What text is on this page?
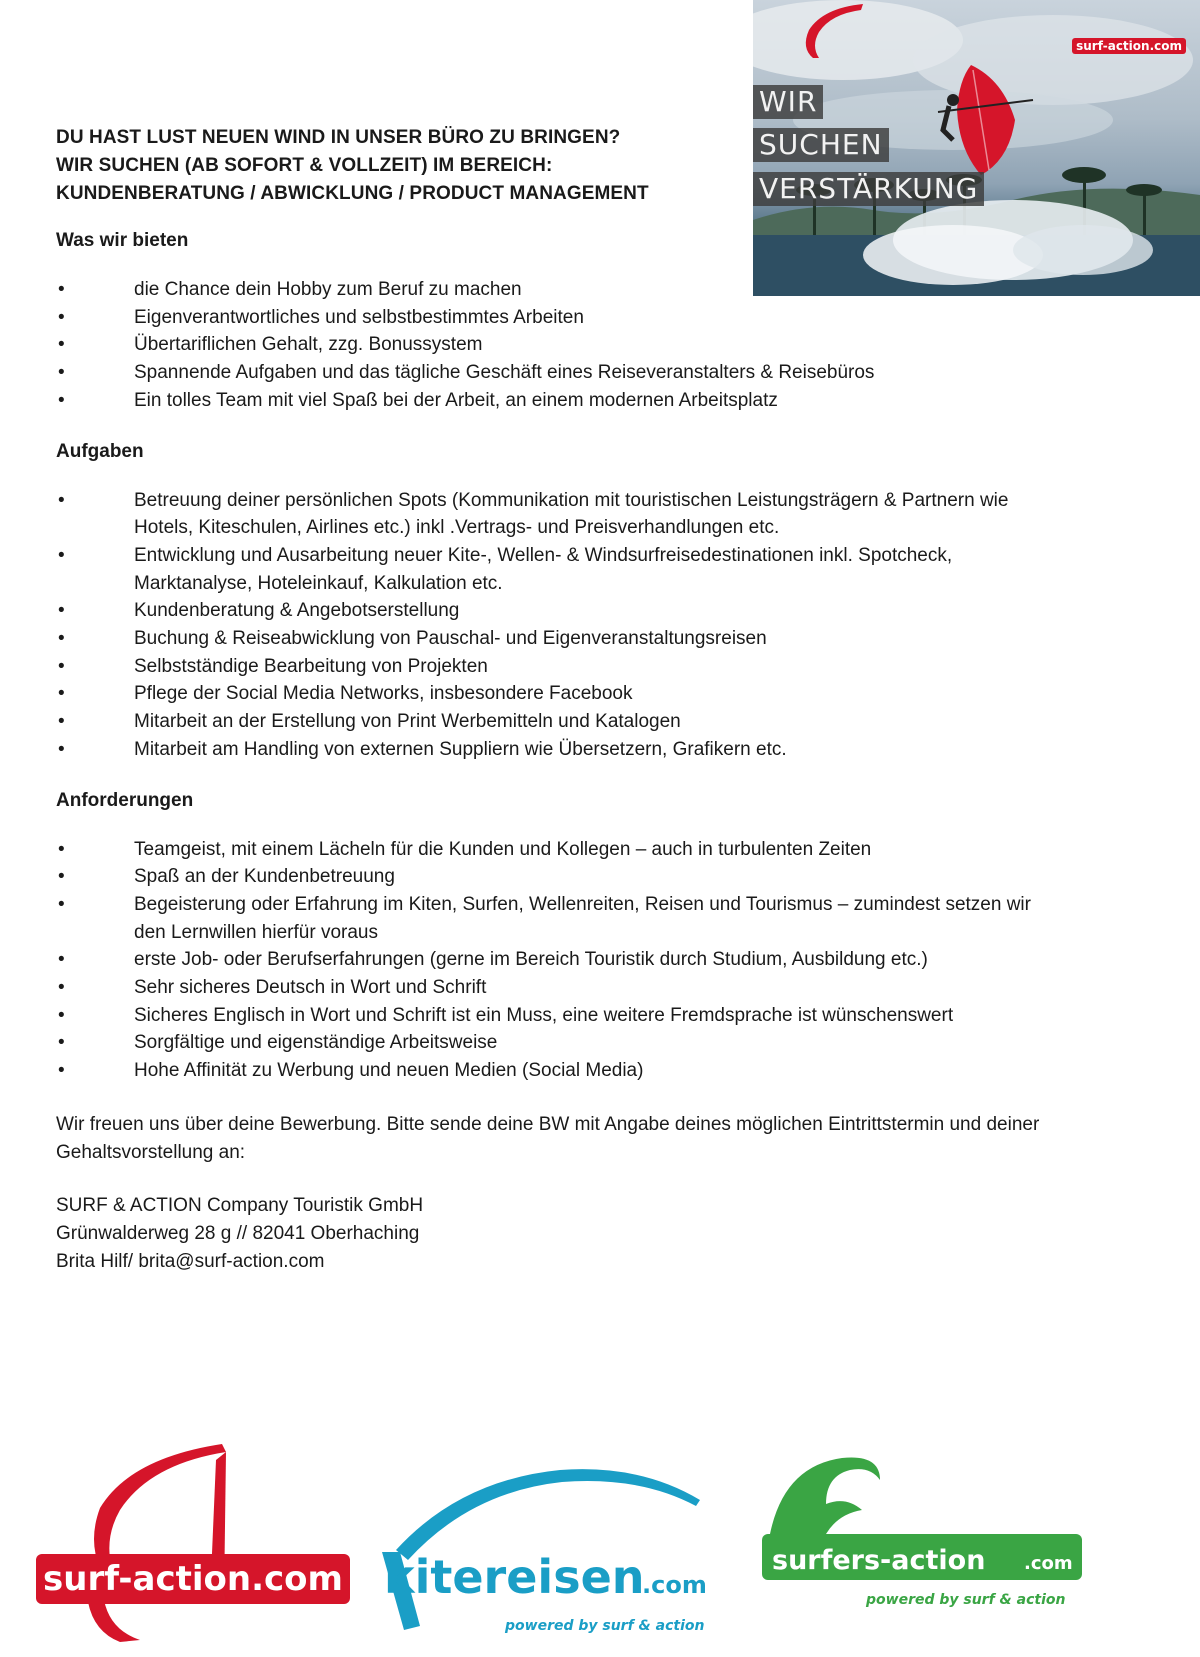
WIR
SUCHEN
VERSTÄRKUNG
surf-action.com
DU HAST LUST NEUEN WIND IN UNSER BÜRO ZU BRINGEN?
WIR SUCHEN (AB SOFORT & VOLLZEIT) IM BEREICH:
KUNDENBERATUNG / ABWICKLUNG / PRODUCT MANAGEMENT
Was wir bieten
•	die Chance dein Hobby zum Beruf zu machen
•	Eigenverantwortliches und selbstbestimmtes Arbeiten
•	Übertariflichen Gehalt, zzg. Bonussystem
•	Spannende Aufgaben und das tägliche Geschäft eines Reiseveranstalters & Reisebüros
•	Ein tolles Team mit viel Spaß bei der Arbeit, an einem modernen Arbeitsplatz
Aufgaben
•	Betreuung deiner persönlichen Spots (Kommunikation mit touristischen Leistungsträgern & Partnern wie Hotels, Kiteschulen, Airlines etc.) inkl .Vertrags- und Preisverhandlungen etc.
•	Entwicklung und Ausarbeitung neuer Kite-, Wellen- & Windsurfreisedestinationen inkl. Spotcheck, Marktanalyse, Hoteleinkauf, Kalkulation etc.
•	Kundenberatung & Angebotserstellung
•	Buchung & Reiseabwicklung von Pauschal- und Eigenveranstaltungsreisen
•	Selbstständige Bearbeitung von Projekten
•	Pflege der Social Media Networks, insbesondere Facebook
•	Mitarbeit an der Erstellung von Print Werbemitteln und Katalogen
•	Mitarbeit am Handling von externen Suppliern wie Übersetzern, Grafikern etc.
Anforderungen
•	Teamgeist, mit einem Lächeln für die Kunden und Kollegen – auch in turbulenten Zeiten
•	Spaß an der Kundenbetreuung
•	Begeisterung oder Erfahrung im Kiten, Surfen, Wellenreiten, Reisen und Tourismus – zumindest setzen wir den Lernwillen hierfür voraus
•	erste Job- oder Berufserfahrungen (gerne im Bereich Touristik durch Studium, Ausbildung etc.)
•	Sehr sicheres Deutsch in Wort und Schrift
•	Sicheres Englisch in Wort und Schrift ist ein Muss, eine weitere Fremdsprache ist wünschenswert
•	Sorgfältige und eigenständige Arbeitsweise
•	Hohe Affinität zu Werbung und neuen Medien (Social Media)

Wir freuen uns über deine Bewerbung. Bitte sende deine BW mit Angabe deines möglichen Eintrittstermin und deiner Gehaltsvorstellung an:

SURF & ACTION Company Touristik GmbH
Grünwalderweg 28 g // 82041 Oberhaching
Brita Hilf/ brita@surf-action.com
surf-action.com kitereisen
.com
powered by surf & action
surfers-action .com
powered by surf & action
